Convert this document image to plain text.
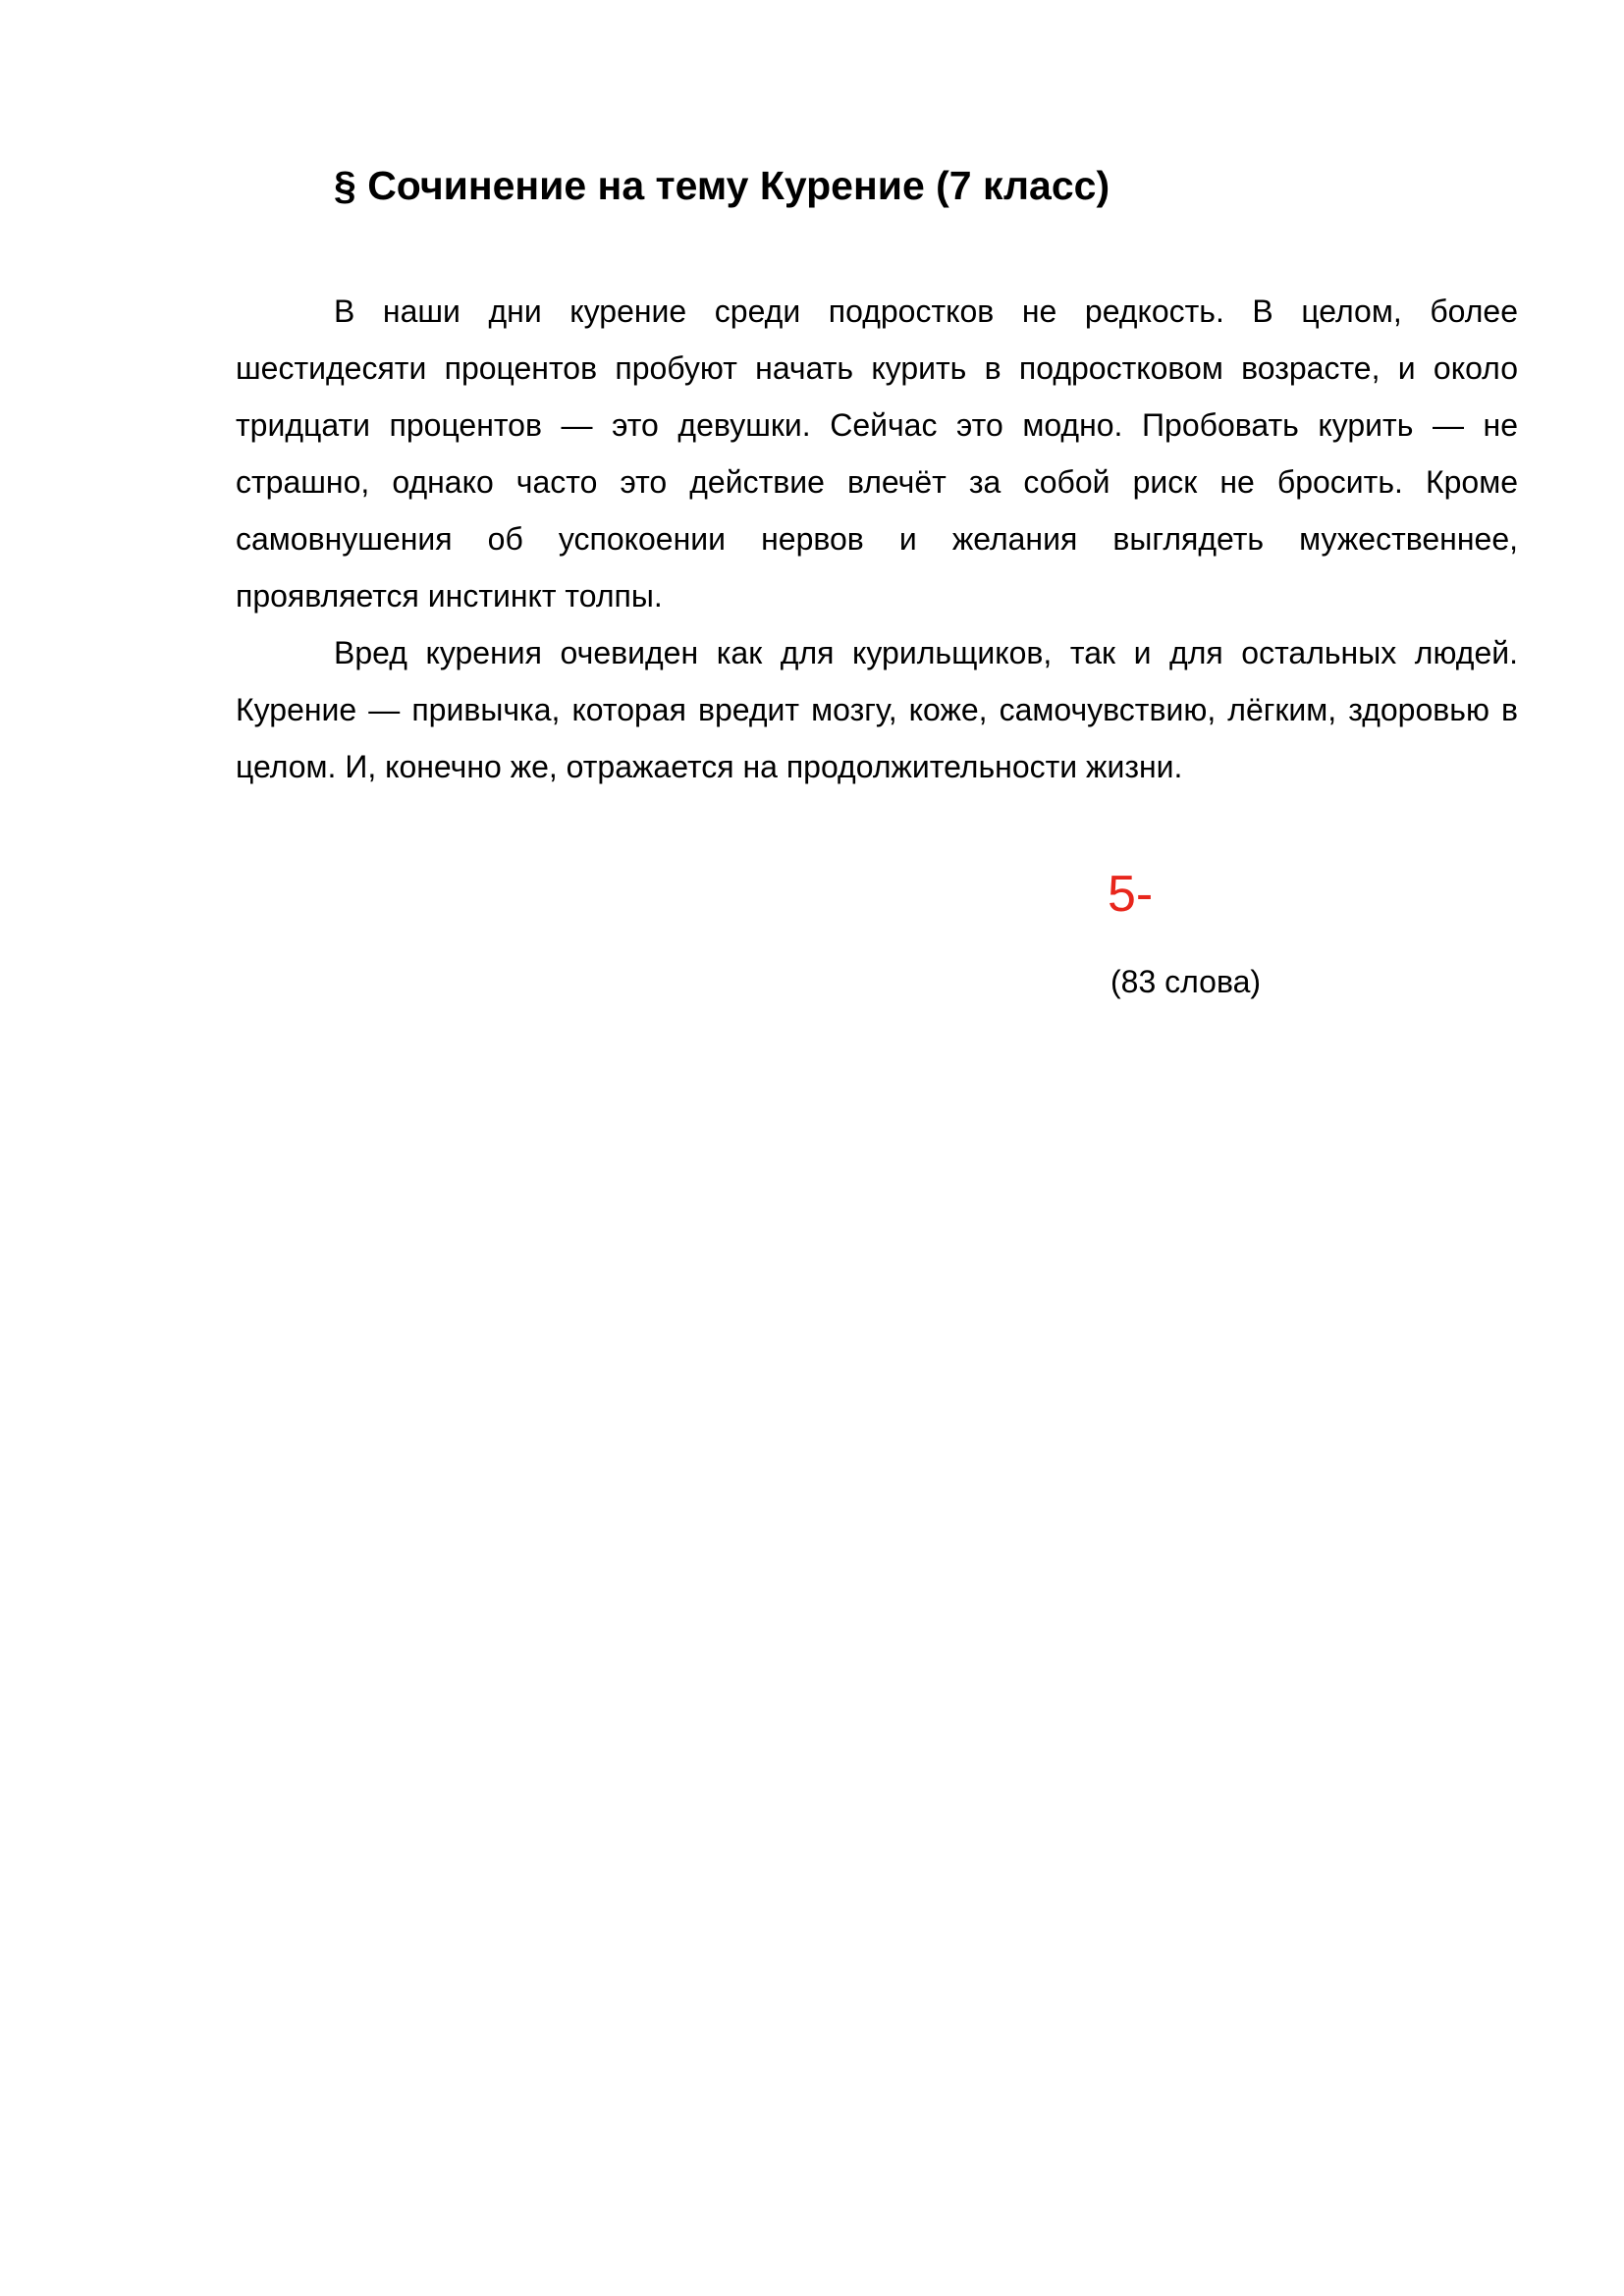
§ Сочинение на тему Курение (7 класс)

В наши дни курение среди подростков не редкость. В целом, более шестидесяти процентов пробуют начать курить в подростковом возрасте, и около тридцати процентов — это девушки. Сейчас это модно. Пробовать курить — не страшно, однако часто это действие влечёт за собой риск не бросить. Кроме самовнушения об успокоении нервов и желания выглядеть мужественнее, проявляется инстинкт толпы.

Вред курения очевиден как для курильщиков, так и для остальных людей. Курение — привычка, которая вредит мозгу, коже, самочувствию, лёгким, здоровью в целом. И, конечно же, отражается на продолжительности жизни.

5-
(83 слова)
